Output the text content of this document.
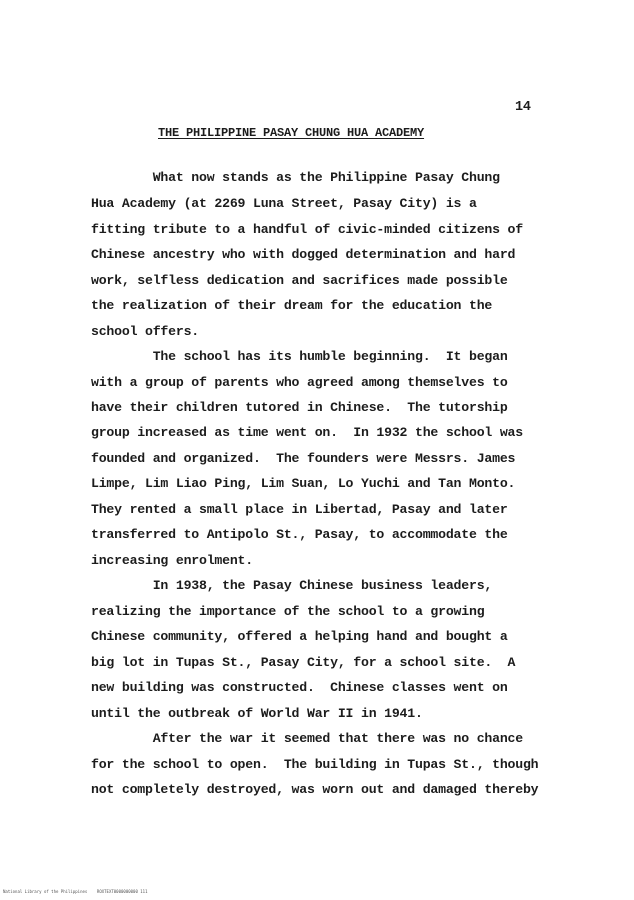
14
THE PHILIPPINE PASAY CHUNG HUA ACADEMY
What now stands as the Philippine Pasay Chung
Hua Academy (at 2269 Luna Street, Pasay City) is a
fitting tribute to a handful of civic-minded citizens of
Chinese ancestry who with dogged determination and hard
work, selfless dedication and sacrifices made possible
the realization of their dream for the education the
school offers.
The school has its humble beginning.  It began
with a group of parents who agreed among themselves to
have their children tutored in Chinese.  The tutorship
group increased as time went on.  In 1932 the school was
founded and organized.  The founders were Messrs. James
Limpe, Lim Liao Ping, Lim Suan, Lo Yuchi and Tan Monto.
They rented a small place in Libertad, Pasay and later
transferred to Antipolo St., Pasay, to accommodate the
increasing enrolment.
In 1938, the Pasay Chinese business leaders,
realizing the importance of the school to a growing
Chinese community, offered a helping hand and bought a
big lot in Tupas St., Pasay City, for a school site.  A
new building was constructed.  Chinese classes went on
until the outbreak of World War II in 1941.
After the war it seemed that there was no chance
for the school to open.  The building in Tupas St., though
not completely destroyed, was worn out and damaged thereby
National Library of the Philippines    ROXTEXT0000000000 111
